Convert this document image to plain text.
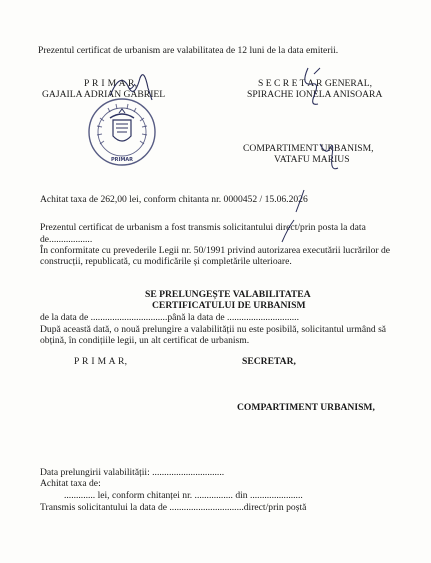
Prezentul certificat de urbanism are valabilitatea de 12 luni de la data emiterii.
P R I M A R,
GAJAILA ADRIAN GABRIEL
S E C R E T A R GENERAL,
SPIRACHE IONELA ANISOARA
COMPARTIMENT URBANISM,
VATAFU MARIUS
PRIMAR
Achitat taxa de 262,00 lei, conform chitanta nr. 0000452 / 15.06.2026
Prezentul certificat de urbanism a fost transmis solicitantului direct/prin posta la data
de..................
În conformitate cu prevederile Legii nr. 50/1991 privind autorizarea executării lucrărilor de
construcții, republicată, cu modificările și completările ulterioare.
SE PRELUNGEȘTE VALABILITATEA
CERTIFICATULUI DE URBANISM
de la data de ................................până la data de ..............................
După această dată, o nouă prelungire a valabilității nu este posibilă, solicitantul urmând să
obțină, în condițiile legii, un alt certificat de urbanism.
P R I M A R,	SECRETAR,
COMPARTIMENT URBANISM,
Data prelungirii valabilității: ..............................
Achitat taxa de:
............. lei, conform chitanței nr. ................ din ......................
Transmis solicitantului la data de ...............................direct/prin poștă
